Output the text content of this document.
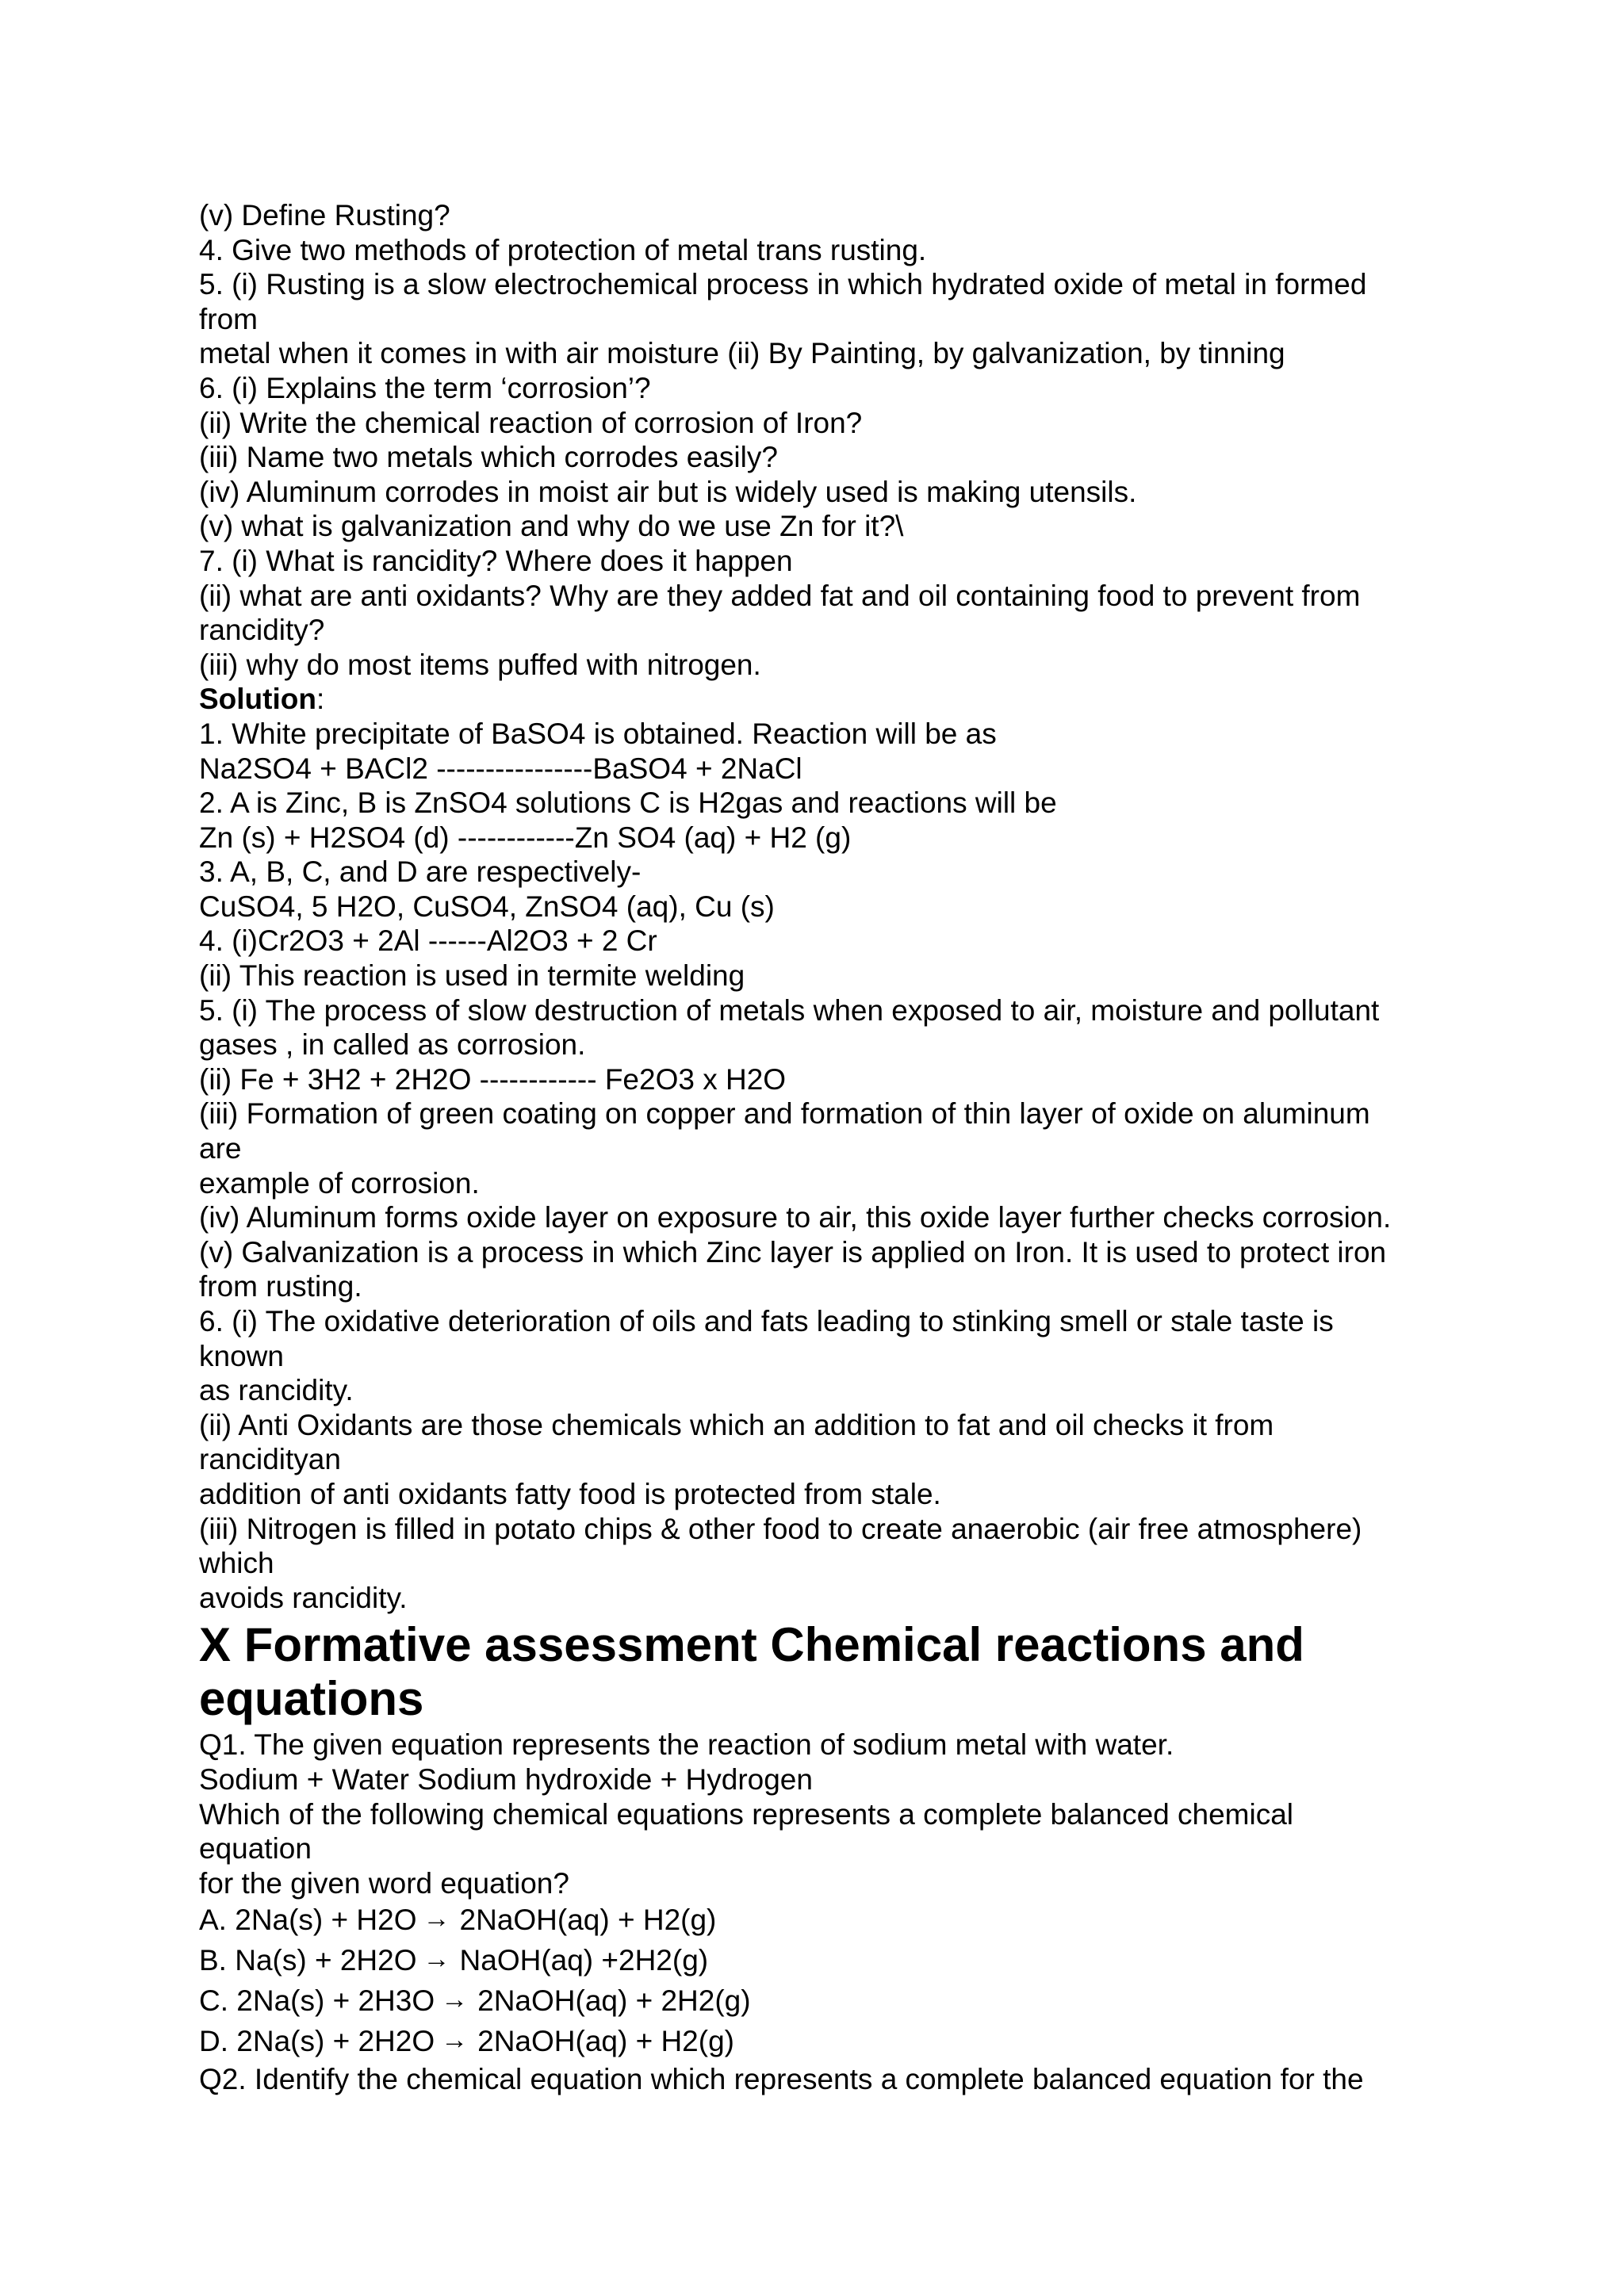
(v) Define Rusting?
4. Give two methods of protection of metal trans rusting.
5. (i) Rusting is a slow electrochemical process in which hydrated oxide of metal in formed
from
metal when it comes in with air moisture (ii) By Painting, by galvanization, by tinning
6. (i) Explains the term ‘corrosion’?
(ii) Write the chemical reaction of corrosion of Iron?
(iii) Name two metals which corrodes easily?
(iv) Aluminum corrodes in moist air but is widely used is making utensils.
(v) what is galvanization and why do we use Zn for it?\
7. (i) What is rancidity? Where does it happen
(ii) what are anti oxidants? Why are they added fat and oil containing food to prevent from
rancidity?
(iii) why do most items puffed with nitrogen.
Solution:
1. White precipitate of BaSO4 is obtained. Reaction will be as
Na2SO4 + BACl2 ----------------BaSO4 + 2NaCl
2. A is Zinc, B is ZnSO4 solutions C is H2gas and reactions will be
Zn (s) + H2SO4 (d) ------------Zn SO4 (aq) + H2 (g)
3. A, B, C, and D are respectively-
CuSO4, 5 H2O, CuSO4, ZnSO4 (aq), Cu (s)
4. (i)Cr2O3 + 2Al ------Al2O3 + 2 Cr
(ii) This reaction is used in termite welding
5. (i) The process of slow destruction of metals when exposed to air, moisture and pollutant
gases , in called as corrosion.
(ii) Fe + 3H2 + 2H2O ------------ Fe2O3 x H2O
(iii) Formation of green coating on copper and formation of thin layer of oxide on aluminum
are
example of corrosion.
(iv) Aluminum forms oxide layer on exposure to air, this oxide layer further checks corrosion.
(v) Galvanization is a process in which Zinc layer is applied on Iron. It is used to protect iron
from rusting.
6. (i) The oxidative deterioration of oils and fats leading to stinking smell or stale taste is
known
as rancidity.
(ii) Anti Oxidants are those chemicals which an addition to fat and oil checks it from
rancidityan
addition of anti oxidants fatty food is protected from stale.
(iii) Nitrogen is filled in potato chips & other food to create anaerobic (air free atmosphere)
which
avoids rancidity.
X Formative assessment Chemical reactions and
equations
Q1. The given equation represents the reaction of sodium metal with water.
Sodium + Water Sodium hydroxide + Hydrogen
Which of the following chemical equations represents a complete balanced chemical
equation
for the given word equation?
A. 2Na(s) + H2O → 2NaOH(aq) + H2(g)
B. Na(s) + 2H2O → NaOH(aq) +2H2(g)
C. 2Na(s) + 2H3O → 2NaOH(aq) + 2H2(g)
D. 2Na(s) + 2H2O → 2NaOH(aq) + H2(g)
Q2. Identify the chemical equation which represents a complete balanced equation for the
